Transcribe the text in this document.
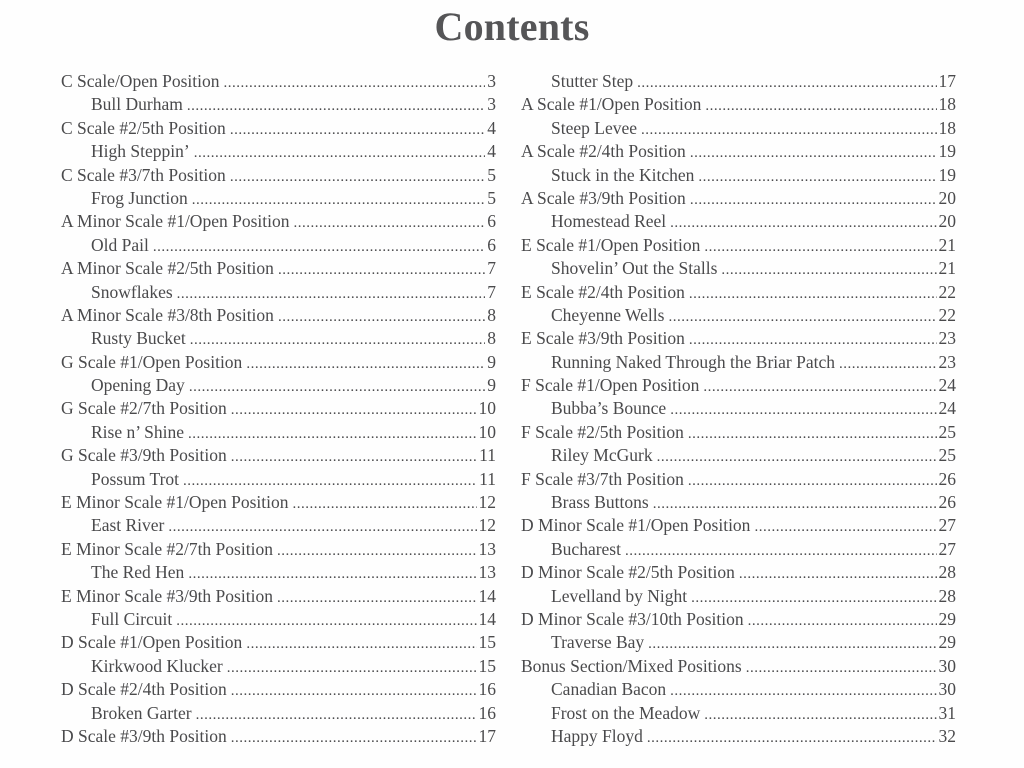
Contents
C Scale/Open Position .....	3
Bull Durham .....	3
C Scale #2/5th Position .....	4
High Steppin’ .....	4
C Scale #3/7th Position .....	5
Frog Junction .....	5
A Minor Scale #1/Open Position .....	6
Old Pail .....	6
A Minor Scale #2/5th Position .....	7
Snowflakes .....	7
A Minor Scale #3/8th Position .....	8
Rusty Bucket .....	8
G Scale #1/Open Position .....	9
Opening Day .....	9
G Scale #2/7th Position .....	10
Rise n’ Shine .....	10
G Scale #3/9th Position .....	11
Possum Trot .....	11
E Minor Scale #1/Open Position .....	12
East River .....	12
E Minor Scale #2/7th Position .....	13
The Red Hen .....	13
E Minor Scale #3/9th Position .....	14
Full Circuit .....	14
D Scale #1/Open Position .....	15
Kirkwood Klucker .....	15
D Scale #2/4th Position .....	16
Broken Garter .....	16
D Scale #3/9th Position .....	17
Stutter Step .....	17
A Scale #1/Open Position .....	18
Steep Levee .....	18
A Scale #2/4th Position .....	19
Stuck in the Kitchen .....	19
A Scale #3/9th Position .....	20
Homestead Reel .....	20
E Scale #1/Open Position .....	21
Shovelin’ Out the Stalls .....	21
E Scale #2/4th Position .....	22
Cheyenne Wells .....	22
E Scale #3/9th Position .....	23
Running Naked Through the Briar Patch .....	23
F Scale #1/Open Position .....	24
Bubba’s Bounce .....	24
F Scale #2/5th Position .....	25
Riley McGurk .....	25
F Scale #3/7th Position .....	26
Brass Buttons .....	26
D Minor Scale #1/Open Position .....	27
Bucharest .....	27
D Minor Scale #2/5th Position .....	28
Levelland by Night .....	28
D Minor Scale #3/10th Position .....	29
Traverse Bay .....	29
Bonus Section/Mixed Positions .....	30
Canadian Bacon .....	30
Frost on the Meadow .....	31
Happy Floyd .....	32
